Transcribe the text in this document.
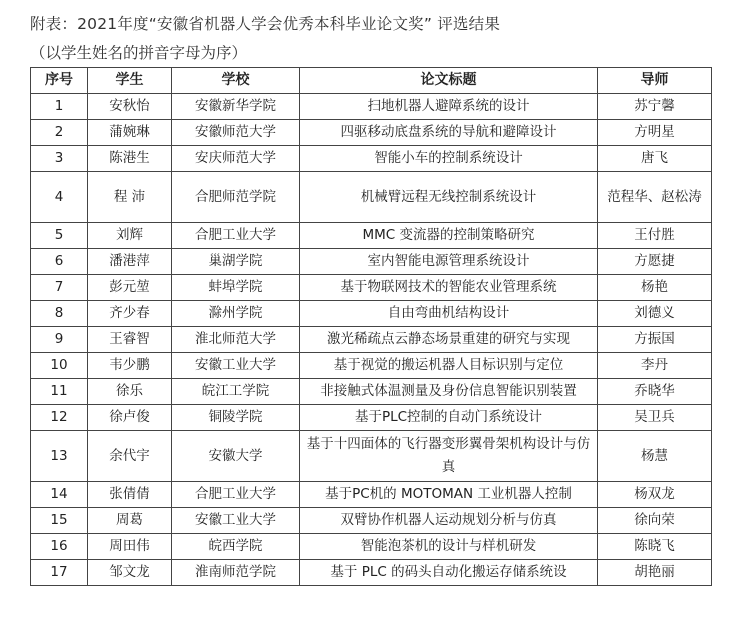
附表：2021年度“安徽省机器人学会优秀本科毕业论文奖” 评选结果
（以学生姓名的拼音字母为序）
序号	学生	学校	论文标题	导师
1	安秋怡	安徽新华学院	扫地机器人避障系统的设计	苏宁馨
2	蒲婉琳	安徽师范大学	四驱移动底盘系统的导航和避障设计	方明星
3	陈港生	安庆师范大学	智能小车的控制系统设计	唐飞
4	程 沛	合肥师范学院	机械臂远程无线控制系统设计	范程华、赵松涛
5	刘辉	合肥工业大学	MMC 变流器的控制策略研究	王付胜
6	潘港萍	巢湖学院	室内智能电源管理系统设计	方愿捷
7	彭元堃	蚌埠学院	基于物联网技术的智能农业管理系统	杨艳
8	齐少春	滁州学院	自由弯曲机结构设计	刘德义
9	王睿智	淮北师范大学	激光稀疏点云静态场景重建的研究与实现	方振国
10	韦少鹏	安徽工业大学	基于视觉的搬运机器人目标识别与定位	李丹
11	徐乐	皖江工学院	非接触式体温测量及身份信息智能识别装置	乔晓华
12	徐卢俊	铜陵学院	基于PLC控制的自动门系统设计	吴卫兵
13	余代宇	安徽大学	基于十四面体的飞行器变形翼骨架机构设计与仿真	杨慧
14	张倩倩	合肥工业大学	基于PC机的 MOTOMAN 工业机器人控制	杨双龙
15	周葛	安徽工业大学	双臂协作机器人运动规划分析与仿真	徐向荣
16	周田伟	皖西学院	智能泡茶机的设计与样机研发	陈晓飞
17	邹文龙	淮南师范学院	基于 PLC 的码头自动化搬运存储系统设	胡艳丽
